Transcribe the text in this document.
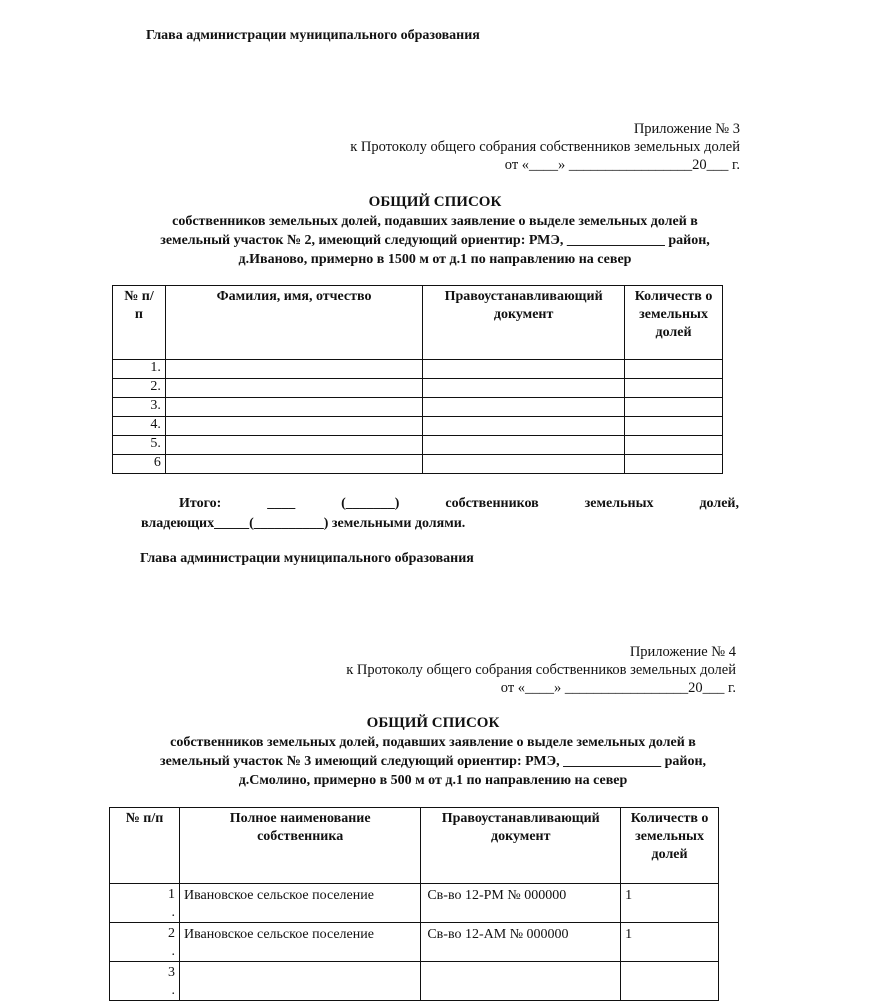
Глава администрации муниципального образования
Приложение № 3
к Протоколу общего собрания собственников земельных долей
от «____» _________________20___ г.
ОБЩИЙ СПИСОК
собственников земельных долей, подавших заявление о выделе земельных долей в
земельный участок № 2, имеющий следующий ориентир: РМЭ, ______________ район,
д.Иваново, примерно в 1500 м от д.1 по направлению на север
№ п/п	Фамилия, имя, отчество	Правоустанавливающий документ	Количеств о земельных долей
1.			
2.			
3.			
4.			
5.			
6			
Итого:	____	(_______)	собственников	земельных	долей,
владеющих_____(__________) земельными долями.
Глава администрации муниципального образования
Приложение № 4
к Протоколу общего собрания собственников земельных долей
от «____» _________________20___ г.
ОБЩИЙ СПИСОК
собственников земельных долей, подавших заявление о выделе земельных долей в
земельный участок № 3 имеющий следующий ориентир: РМЭ, ______________ район,
д.Смолино, примерно в 500 м от д.1 по направлению на север
№ п/п	Полное наименование собственника	Правоустанавливающий документ	Количеств о земельных долей
1 .	Ивановское сельское поселение	Св-во 12-РМ № 000000	1
2 .	Ивановское сельское поселение	Св-во 12-АМ № 000000	1
3 .			
